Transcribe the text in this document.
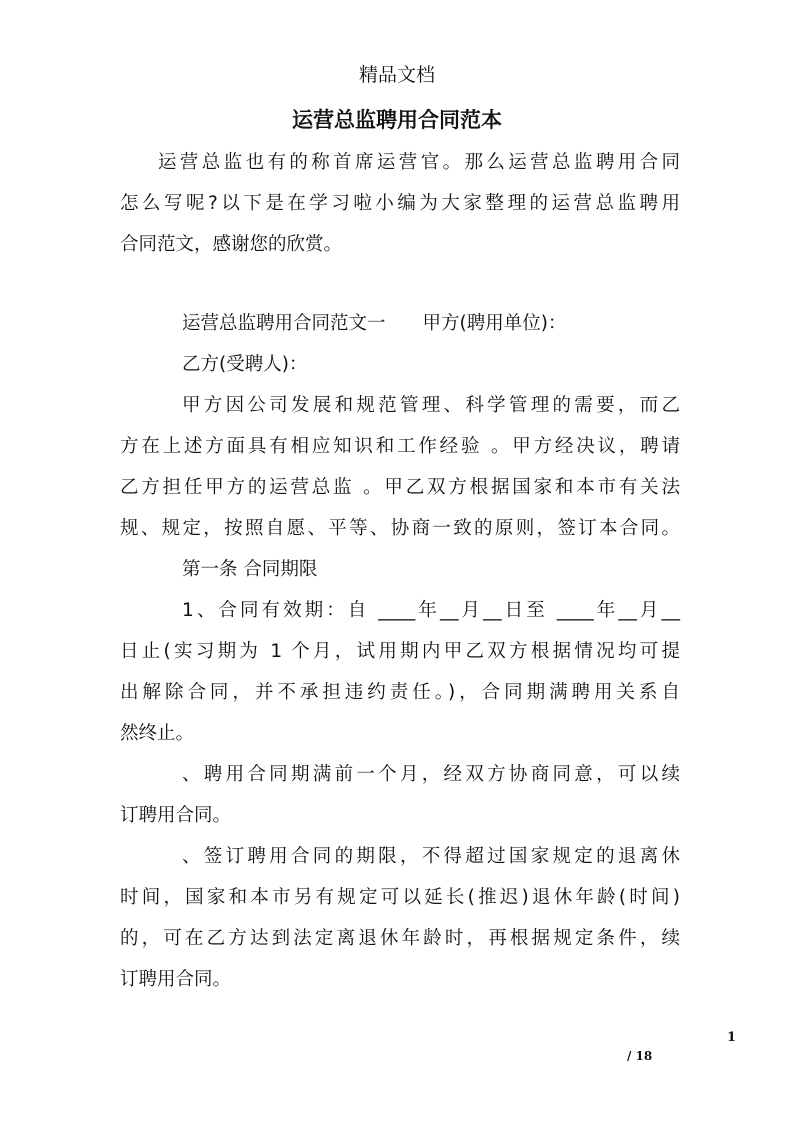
精品文档
运营总监聘用合同范本
运营总监也有的称首席运营官。那么运营总监聘用合同
怎么写呢?以下是在学习啦小编为大家整理的运营总监聘用
合同范文，感谢您的欣赏。
运营总监聘用合同范文一　　甲方(聘用单位)：
乙方(受聘人)：
甲方因公司发展和规范管理、科学管理的需要，而乙
方在上述方面具有相应知识和工作经验 。甲方经决议，聘请
乙方担任甲方的运营总监 。甲乙双方根据国家和本市有关法
规、规定，按照自愿、平等、协商一致的原则，签订本合同。
第一条 合同期限
1、合同有效期：自 ____年__月__日至 ____年__月__
日止(实习期为 1 个月，试用期内甲乙双方根据情况均可提
出解除合同，并不承担违约责任。)，合同期满聘用关系自
然终止。
、聘用合同期满前一个月，经双方协商同意，可以续
订聘用合同。
、签订聘用合同的期限，不得超过国家规定的退离休
时间，国家和本市另有规定可以延长(推迟)退休年龄(时间)
的，可在乙方达到法定离退休年龄时，再根据规定条件，续
订聘用合同。
1
/ 18
